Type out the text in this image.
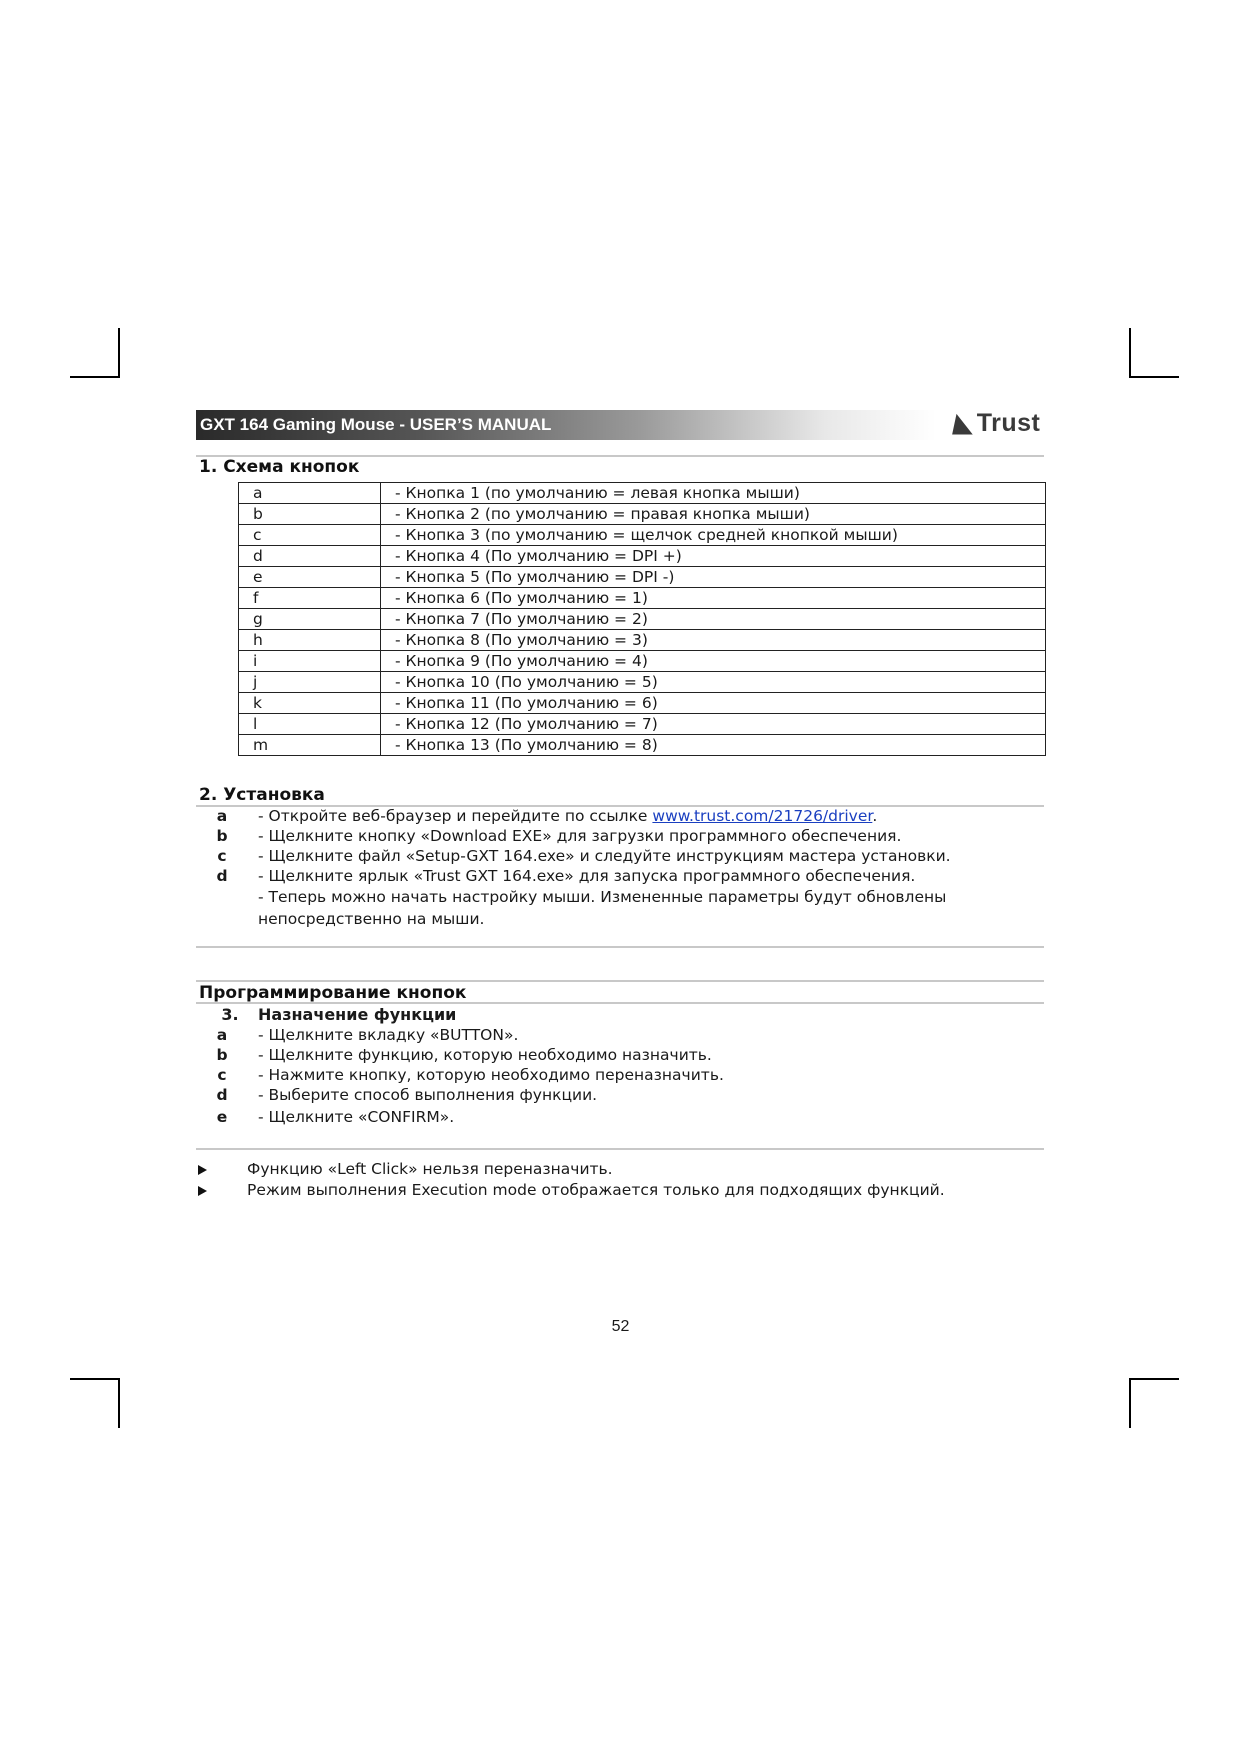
GXT 164 Gaming Mouse - USER’S MANUAL	◣Trust
1. Схема кнопок
a	- Кнопка 1 (по умолчанию = левая кнопка мыши)
b	- Кнопка 2 (по умолчанию = правая кнопка мыши)
c	- Кнопка 3 (по умолчанию = щелчок средней кнопкой мыши)
d	- Кнопка 4 (По умолчанию = DPI +)
e	- Кнопка 5 (По умолчанию = DPI -)
f	- Кнопка 6 (По умолчанию = 1)
g	- Кнопка 7 (По умолчанию = 2)
h	- Кнопка 8 (По умолчанию = 3)
i	- Кнопка 9 (По умолчанию = 4)
j	- Кнопка 10 (По умолчанию = 5)
k	- Кнопка 11 (По умолчанию = 6)
l	- Кнопка 12 (По умолчанию = 7)
m	- Кнопка 13 (По умолчанию = 8)
2. Установка
a	- Откройте веб-браузер и перейдите по ссылке www.trust.com/21726/driver.
b	- Щелкните кнопку «Download EXE» для загрузки программного обеспечения.
c	- Щелкните файл «Setup-GXT 164.exe» и следуйте инструкциям мастера установки.
d	- Щелкните ярлык «Trust GXT 164.exe» для запуска программного обеспечения.
- Теперь можно начать настройку мыши. Измененные параметры будут обновлены
непосредственно на мыши.
Программирование кнопок
3.	Назначение функции
a	- Щелкните вкладку «BUTTON».
b	- Щелкните функцию, которую необходимо назначить.
c	- Нажмите кнопку, которую необходимо переназначить.
d	- Выберите способ выполнения функции.
e	- Щелкните «CONFIRM».
Функцию «Left Click» нельзя переназначить.
Режим выполнения Execution mode отображается только для подходящих функций.
52
